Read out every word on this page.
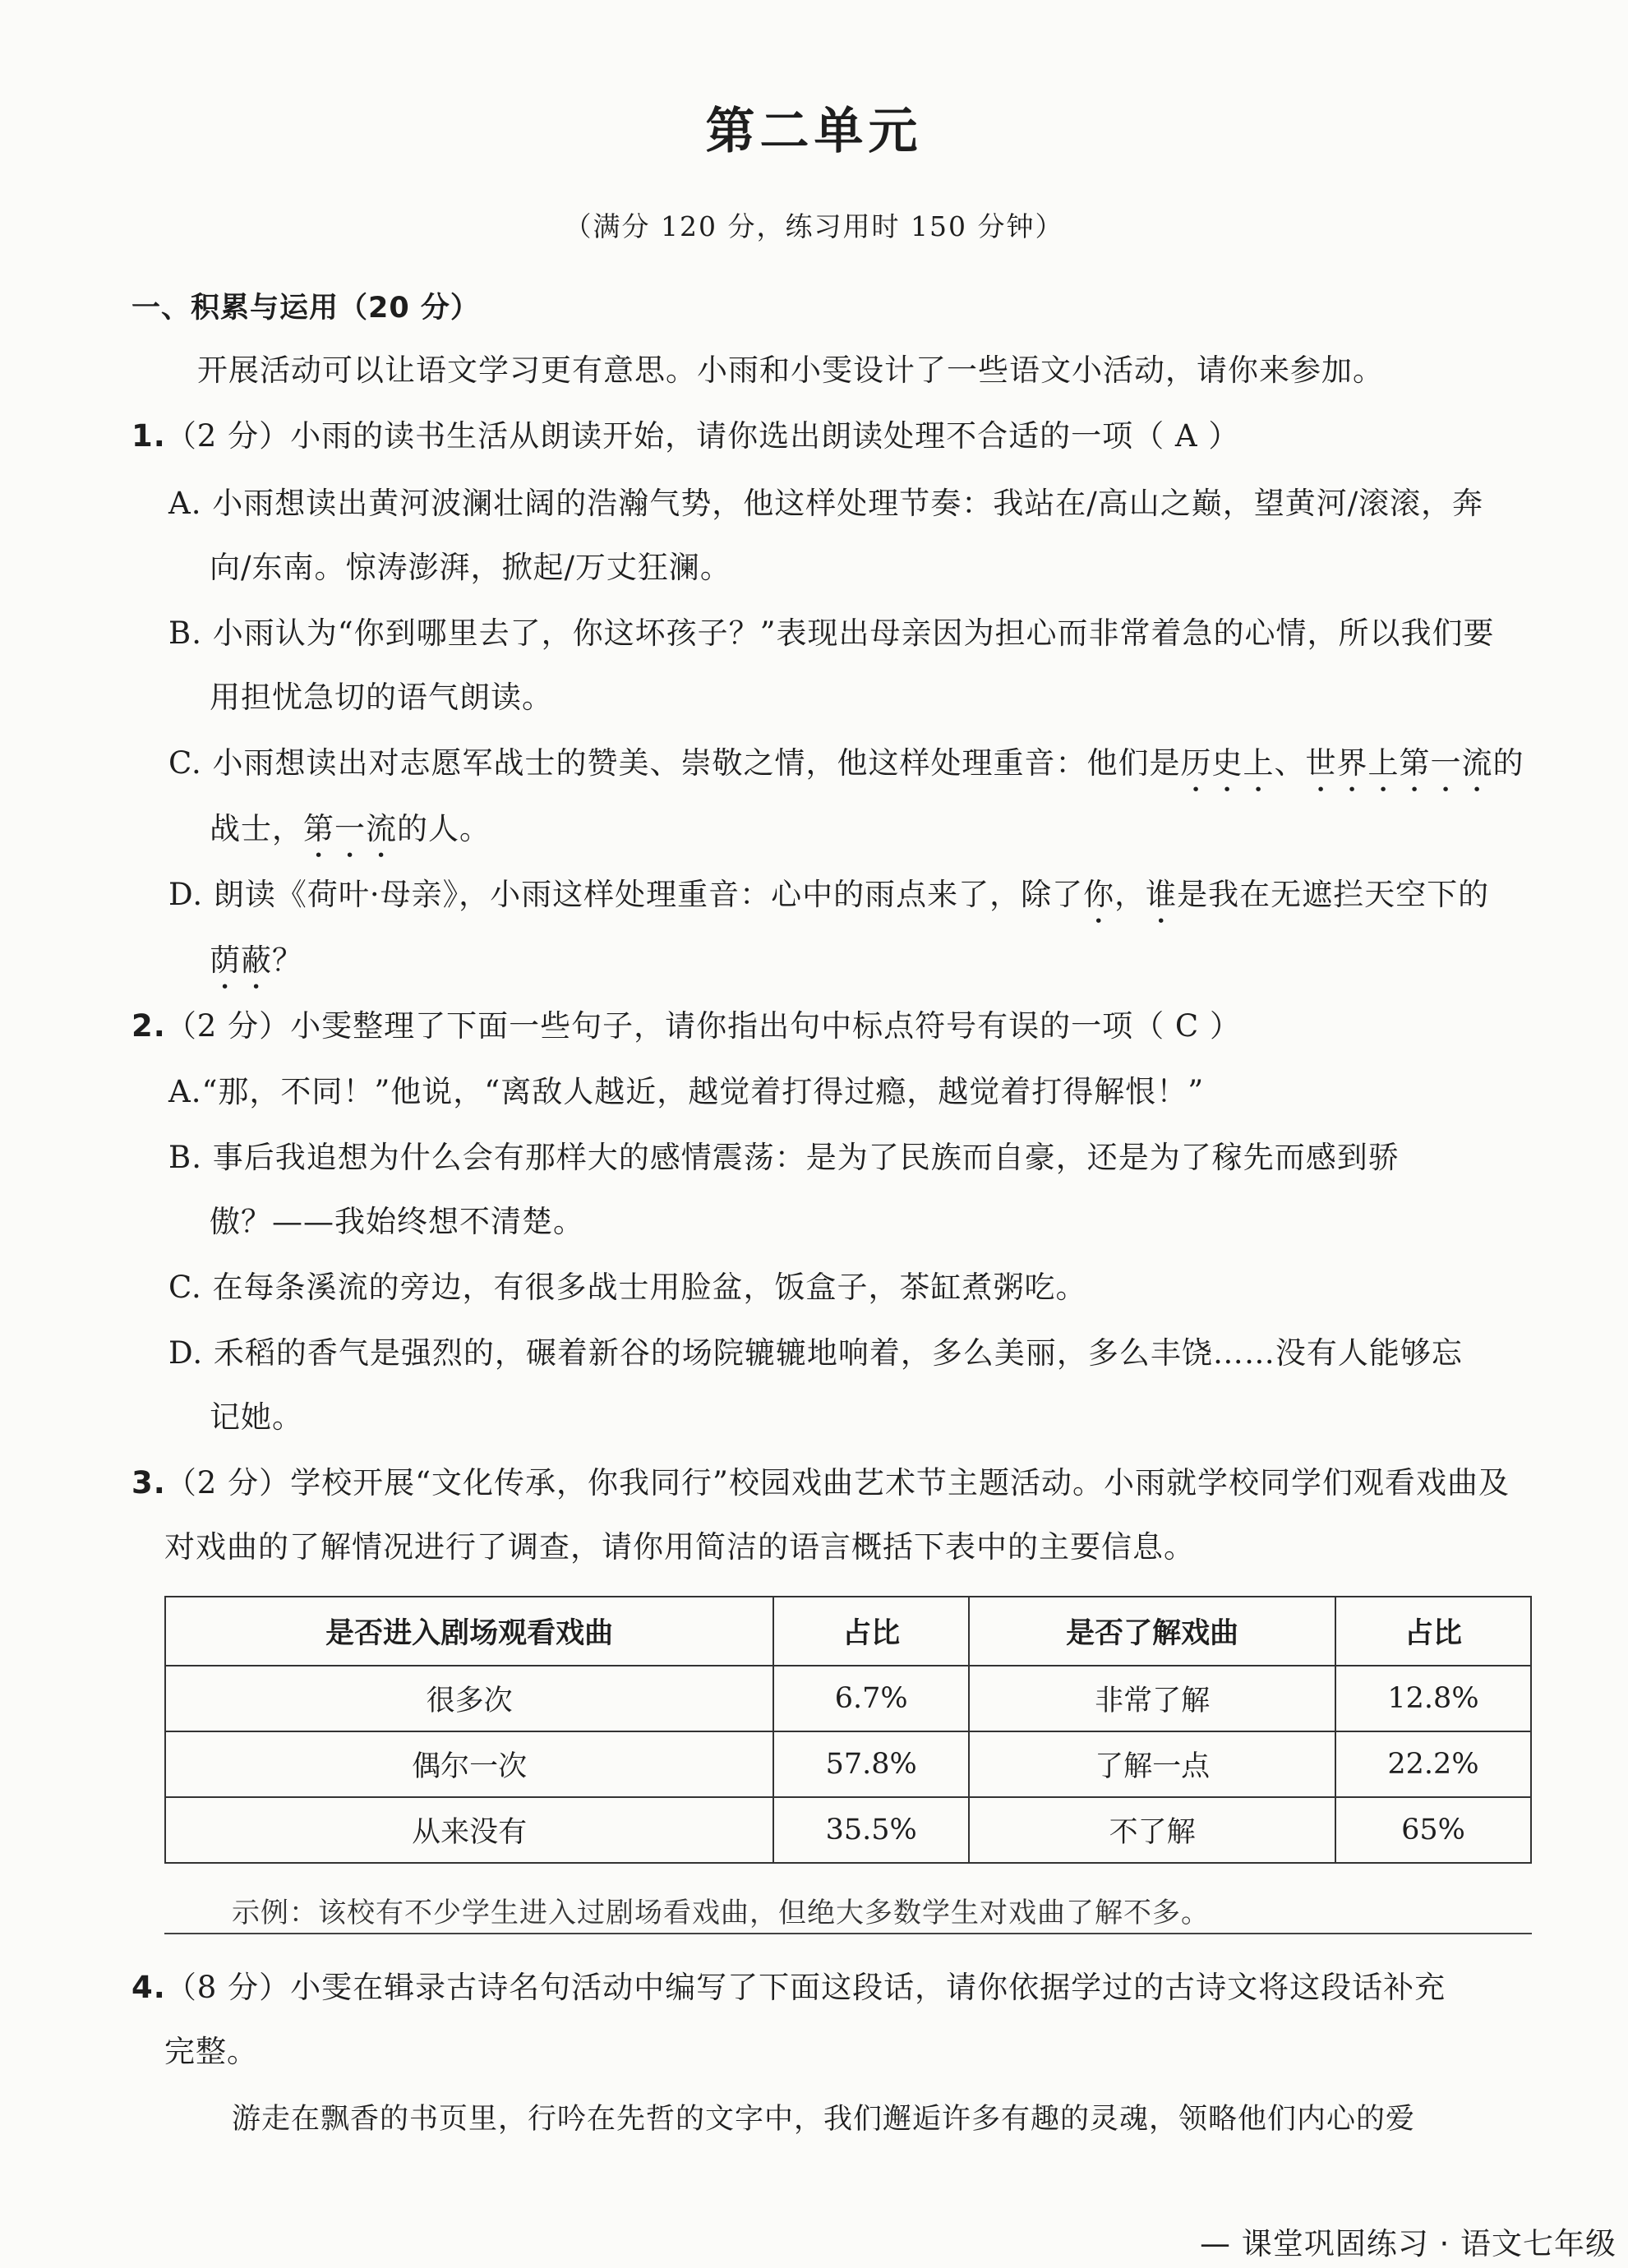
第二单元
（满分 120 分，练习用时 150 分钟）
一、积累与运用（20 分）
开展活动可以让语文学习更有意思。小雨和小雯设计了一些语文小活动，请你来参加。
1.（2 分）小雨的读书生活从朗读开始，请你选出朗读处理不合适的一项（ A ）
A. 小雨想读出黄河波澜壮阔的浩瀚气势，他这样处理节奏：我站在/高山之巅，望黄河/滚滚，奔
向/东南。惊涛澎湃，掀起/万丈狂澜。
B. 小雨认为“你到哪里去了，你这坏孩子？”表现出母亲因为担心而非常着急的心情，所以我们要
用担忧急切的语气朗读。
C. 小雨想读出对志愿军战士的赞美、崇敬之情，他这样处理重音：他们是历史上、世界上第一流的
战士，第一流的人。
D. 朗读《荷叶·母亲》，小雨这样处理重音：心中的雨点来了，除了你，谁是我在无遮拦天空下的
荫蔽？
2.（2 分）小雯整理了下面一些句子，请你指出句中标点符号有误的一项（ C ）
A.“那，不同！”他说，“离敌人越近，越觉着打得过瘾，越觉着打得解恨！”
B. 事后我追想为什么会有那样大的感情震荡：是为了民族而自豪，还是为了稼先而感到骄
傲？——我始终想不清楚。
C. 在每条溪流的旁边，有很多战士用脸盆，饭盒子，茶缸煮粥吃。
D. 禾稻的香气是强烈的，碾着新谷的场院辘辘地响着，多么美丽，多么丰饶……没有人能够忘
记她。
3.（2 分）学校开展“文化传承，你我同行”校园戏曲艺术节主题活动。小雨就学校同学们观看戏曲及
对戏曲的了解情况进行了调查，请你用简洁的语言概括下表中的主要信息。
是否进入剧场观看戏曲	占比	是否了解戏曲	占比
很多次	6.7%	非常了解	12.8%
偶尔一次	57.8%	了解一点	22.2%
从来没有	35.5%	不了解	65%
示例：该校有不少学生进入过剧场看戏曲，但绝大多数学生对戏曲了解不多。
4.（8 分）小雯在辑录古诗名句活动中编写了下面这段话，请你依据学过的古诗文将这段话补充
完整。
游走在飘香的书页里，行吟在先哲的文字中，我们邂逅许多有趣的灵魂，领略他们内心的爱
— 课堂巩固练习 · 语文七年级
